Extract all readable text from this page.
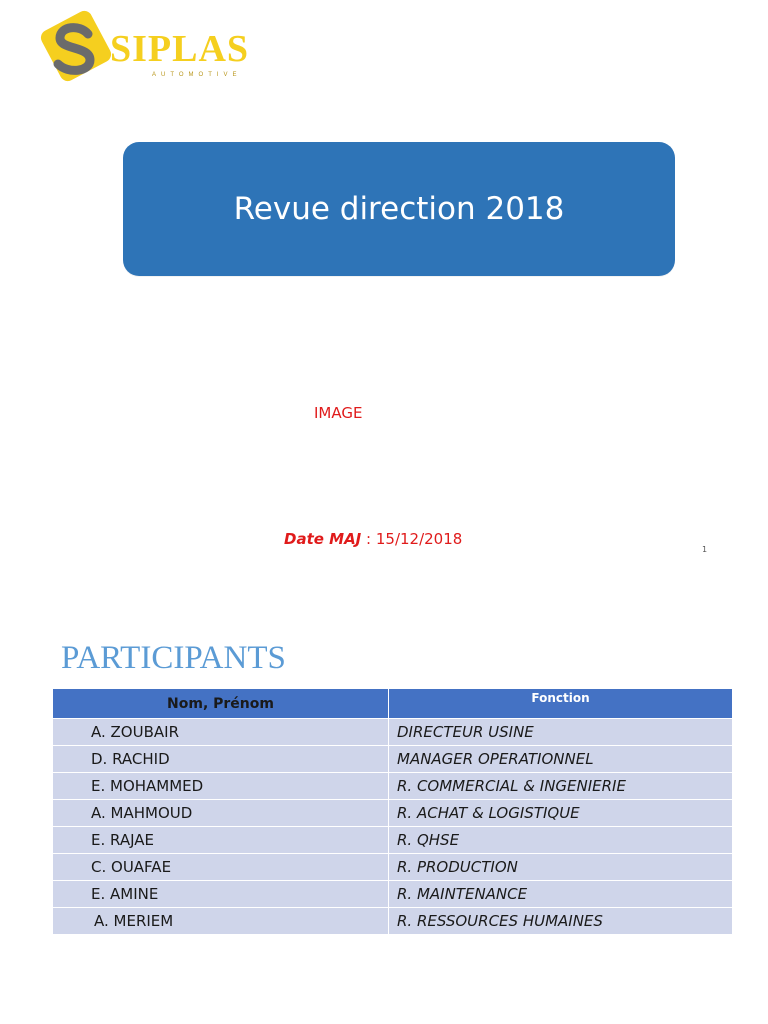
SIPLAS
AUTOMOTIVE
Revue direction 2018
IMAGE
Date MAJ : 15/12/2018
1
PARTICIPANTS
Nom, Prénom	Fonction
A. ZOUBAIR	DIRECTEUR USINE
D. RACHID	MANAGER OPERATIONNEL
E. MOHAMMED	R. COMMERCIAL & INGENIERIE
A. MAHMOUD	R. ACHAT & LOGISTIQUE
E. RAJAE	R. QHSE
C. OUAFAE	R. PRODUCTION
E. AMINE	R. MAINTENANCE
A. MERIEM	R. RESSOURCES HUMAINES
